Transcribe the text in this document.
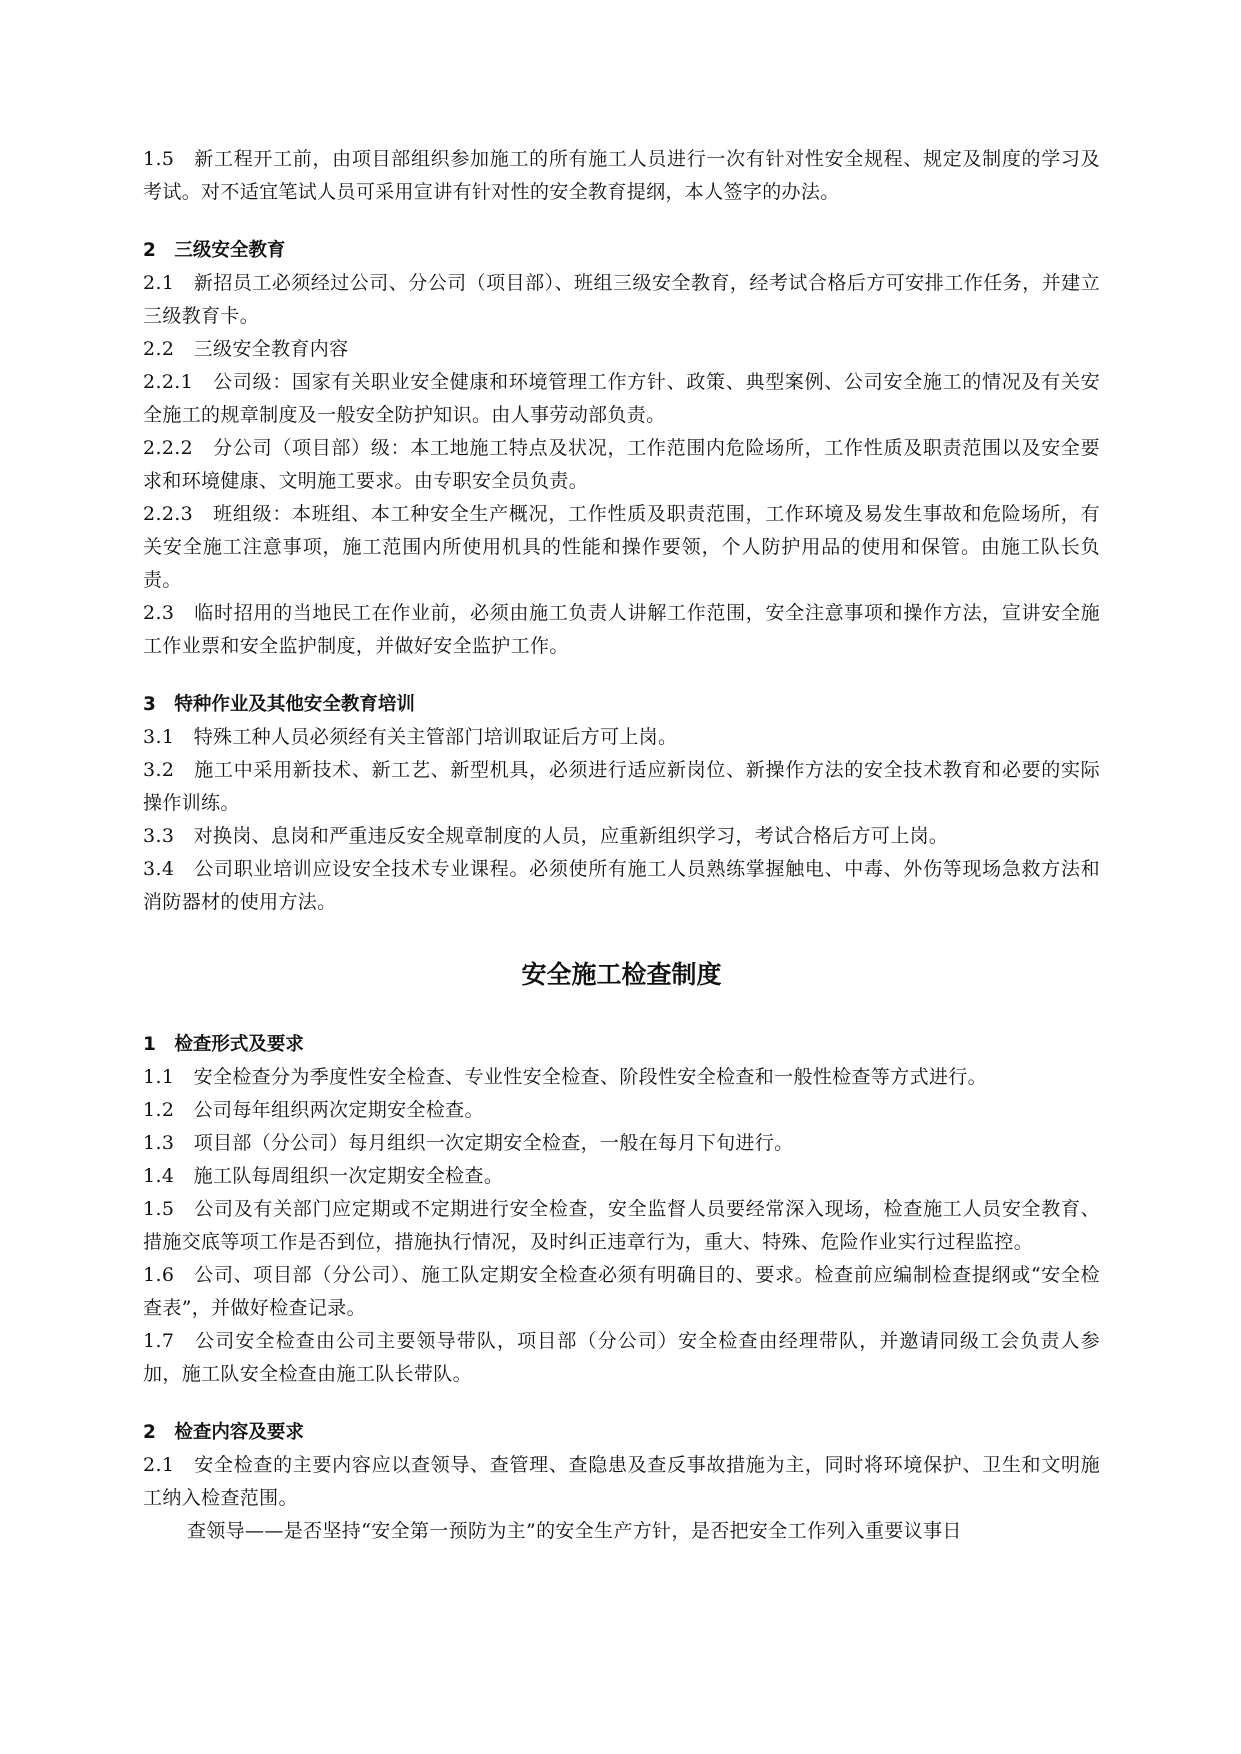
1.5　新工程开工前，由项目部组织参加施工的所有施工人员进行一次有针对性安全规程、规定及制度的学习及考试。对不适宜笔试人员可采用宣讲有针对性的安全教育提纲，本人签字的办法。

2　三级安全教育

2.1　新招员工必须经过公司、分公司（项目部）、班组三级安全教育，经考试合格后方可安排工作任务，并建立三级教育卡。

2.2　三级安全教育内容

2.2.1　公司级：国家有关职业安全健康和环境管理工作方针、政策、典型案例、公司安全施工的情况及有关安全施工的规章制度及一般安全防护知识。由人事劳动部负责。

2.2.2　分公司（项目部）级：本工地施工特点及状况，工作范围内危险场所，工作性质及职责范围以及安全要求和环境健康、文明施工要求。由专职安全员负责。

2.2.3　班组级：本班组、本工种安全生产概况，工作性质及职责范围，工作环境及易发生事故和危险场所，有关安全施工注意事项，施工范围内所使用机具的性能和操作要领，个人防护用品的使用和保管。由施工队长负责。

2.3　临时招用的当地民工在作业前，必须由施工负责人讲解工作范围，安全注意事项和操作方法，宣讲安全施工作业票和安全监护制度，并做好安全监护工作。

3　特种作业及其他安全教育培训

3.1　特殊工种人员必须经有关主管部门培训取证后方可上岗。

3.2　施工中采用新技术、新工艺、新型机具，必须进行适应新岗位、新操作方法的安全技术教育和必要的实际操作训练。

3.3　对换岗、息岗和严重违反安全规章制度的人员，应重新组织学习，考试合格后方可上岗。

3.4　公司职业培训应设安全技术专业课程。必须使所有施工人员熟练掌握触电、中毒、外伤等现场急救方法和消防器材的使用方法。

安全施工检查制度

1　检查形式及要求

1.1　安全检查分为季度性安全检查、专业性安全检查、阶段性安全检查和一般性检查等方式进行。

1.2　公司每年组织两次定期安全检查。

1.3　项目部（分公司）每月组织一次定期安全检查，一般在每月下旬进行。

1.4　施工队每周组织一次定期安全检查。

1.5　公司及有关部门应定期或不定期进行安全检查，安全监督人员要经常深入现场，检查施工人员安全教育、措施交底等项工作是否到位，措施执行情况，及时纠正违章行为，重大、特殊、危险作业实行过程监控。

1.6　公司、项目部（分公司）、施工队定期安全检查必须有明确目的、要求。检查前应编制检查提纲或“安全检查表”，并做好检查记录。

1.7　公司安全检查由公司主要领导带队，项目部（分公司）安全检查由经理带队，并邀请同级工会负责人参加，施工队安全检查由施工队长带队。

2　检查内容及要求

2.1　安全检查的主要内容应以查领导、查管理、查隐患及查反事故措施为主，同时将环境保护、卫生和文明施工纳入检查范围。

查领导——是否坚持“安全第一预防为主”的安全生产方针，是否把安全工作列入重要议事日
